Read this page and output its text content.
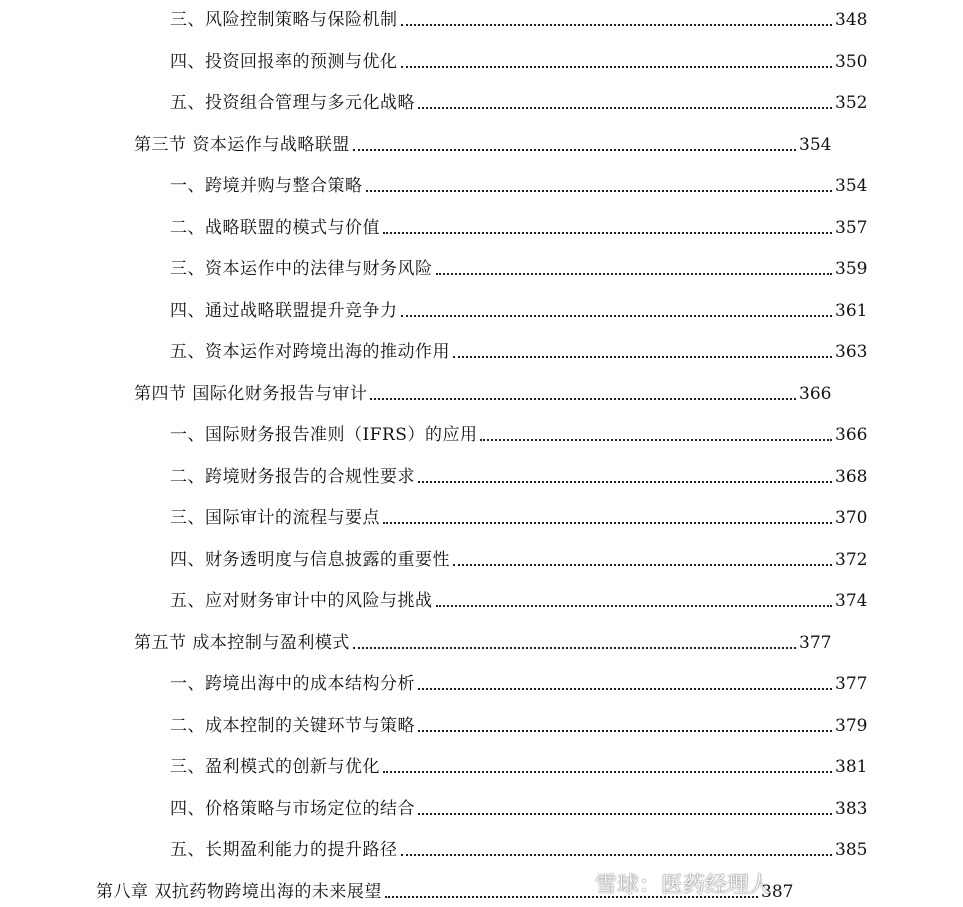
三、风险控制策略与保险机制	348
四、投资回报率的预测与优化	350
五、投资组合管理与多元化战略	352
第三节 资本运作与战略联盟	354
一、跨境并购与整合策略	354
二、战略联盟的模式与价值	357
三、资本运作中的法律与财务风险	359
四、通过战略联盟提升竞争力	361
五、资本运作对跨境出海的推动作用	363
第四节 国际化财务报告与审计	366
一、国际财务报告准则（IFRS）的应用	366
二、跨境财务报告的合规性要求	368
三、国际审计的流程与要点	370
四、财务透明度与信息披露的重要性	372
五、应对财务审计中的风险与挑战	374
第五节 成本控制与盈利模式	377
一、跨境出海中的成本结构分析	377
二、成本控制的关键环节与策略	379
三、盈利模式的创新与优化	381
四、价格策略与市场定位的结合	383
五、长期盈利能力的提升路径	385
第八章 双抗药物跨境出海的未来展望	387
雪球：医药经理人
